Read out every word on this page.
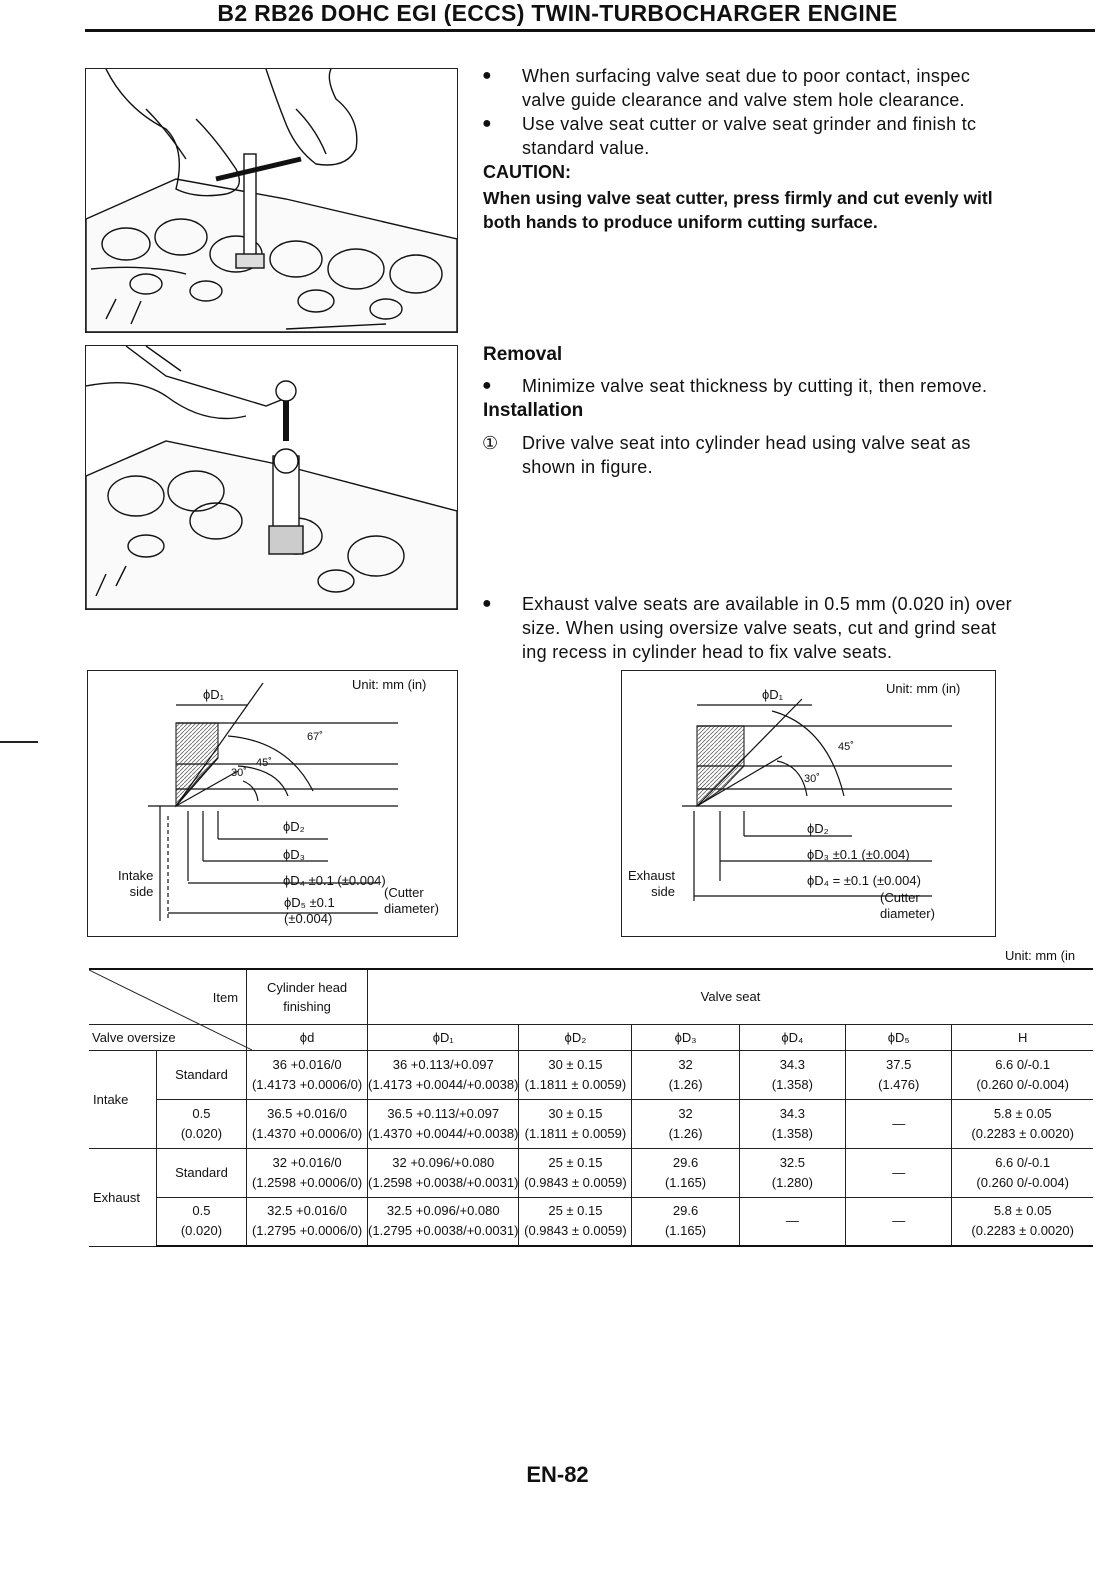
B2 RB26 DOHC EGI (ECCS) TWIN-TURBOCHARGER ENGINE
● When surfacing valve seat due to poor contact, inspec
valve guide clearance and valve stem hole clearance.
● Use valve seat cutter or valve seat grinder and finish tc
standard value.
CAUTION:
When using valve seat cutter, press firmly and cut evenly witl
both hands to produce uniform cutting surface.
Removal
● Minimize valve seat thickness by cutting it, then remove.
Installation
① Drive valve seat into cylinder head using valve seat as
shown in figure.
● Exhaust valve seats are available in 0.5 mm (0.020 in) over
size. When using oversize valve seats, cut and grind seat
ing recess in cylinder head to fix valve seats.
Unit: mm (in)
ϕD₁
67˚
45˚
30˚
ϕD₂
ϕD₃
ϕD₄ ±0.1 (±0.004)
(Cutter
diameter)
ϕD₅ ±0.1
(±0.004)
Intake
side
Unit: mm (in)
ϕD₁
45˚
30˚
ϕD₂
ϕD₃ ±0.1 (±0.004)
ϕD₄ = ±0.1 (±0.004)
(Cutter
diameter)
Exhaust
side
Unit: mm (in
Item		Cylinder head
finishing	Valve seat					
Valve oversize		ϕd	ϕD₁	ϕD₂	ϕD₃	ϕD₄	ϕD₅	H
Intake	Standard	36 +0.016/0
(1.4173 +0.0006/0)	36 +0.113/+0.097
(1.4173 +0.0044/+0.0038)	30 ± 0.15
(1.1811 ± 0.0059)	32
(1.26)	34.3
(1.358)	37.5
(1.476)	6.6 0/-0.1
(0.260 0/-0.004)
	0.5
(0.020)	36.5 +0.016/0
(1.4370 +0.0006/0)	36.5 +0.113/+0.097
(1.4370 +0.0044/+0.0038)	30 ± 0.15
(1.1811 ± 0.0059)	32
(1.26)	34.3
(1.358)	—	5.8 ± 0.05
(0.2283 ± 0.0020)
Exhaust	Standard	32 +0.016/0
(1.2598 +0.0006/0)	32 +0.096/+0.080
(1.2598 +0.0038/+0.0031)	25 ± 0.15
(0.9843 ± 0.0059)	29.6
(1.165)	32.5
(1.280)	—	6.6 0/-0.1
(0.260 0/-0.004)
	0.5
(0.020)	32.5 +0.016/0
(1.2795 +0.0006/0)	32.5 +0.096/+0.080
(1.2795 +0.0038/+0.0031)	25 ± 0.15
(0.9843 ± 0.0059)	29.6
(1.165)	—	—	5.8 ± 0.05
(0.2283 ± 0.0020)
EN-82
